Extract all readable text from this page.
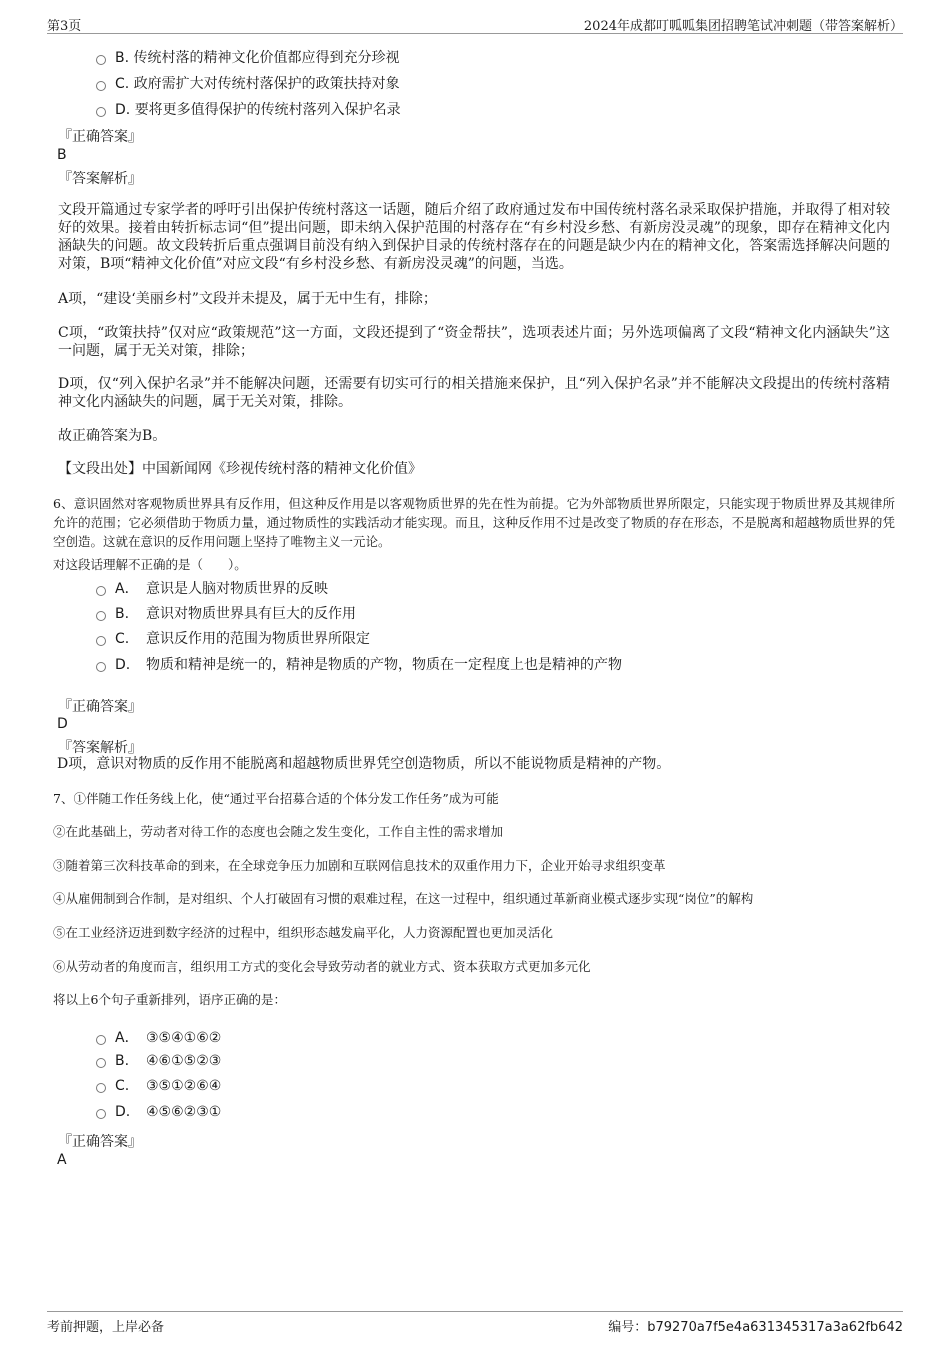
第3页	2024年成都叮呱呱集团招聘笔试冲刺题（带答案解析）
B. 传统村落的精神文化价值都应得到充分珍视
C. 政府需扩大对传统村落保护的政策扶持对象
D. 要将更多值得保护的传统村落列入保护名录
『正确答案』
B
『答案解析』
文段开篇通过专家学者的呼吁引出保护传统村落这一话题，随后介绍了政府通过发布中国传统村落名录采取保护措施，并取得了相对较好的效果。接着由转折标志词“但”提出问题，即未纳入保护范围的村落存在“有乡村没乡愁、有新房没灵魂”的现象，即存在精神文化内涵缺失的问题。故文段转折后重点强调目前没有纳入到保护目录的传统村落存在的问题是缺少内在的精神文化，答案需选择解决问题的对策，B项“精神文化价值”对应文段“有乡村没乡愁、有新房没灵魂”的问题，当选。
A项，“建设‘美丽乡村”文段并未提及，属于无中生有，排除；
C项，“政策扶持”仅对应“政策规范”这一方面，文段还提到了“资金帮扶”，选项表述片面；另外选项偏离了文段“精神文化内涵缺失”这一问题，属于无关对策，排除；
D项，仅“列入保护名录”并不能解决问题，还需要有切实可行的相关措施来保护，且“列入保护名录”并不能解决文段提出的传统村落精神文化内涵缺失的问题，属于无关对策，排除。
故正确答案为B。
【文段出处】中国新闻网《珍视传统村落的精神文化价值》
6、意识固然对客观物质世界具有反作用，但这种反作用是以客观物质世界的先在性为前提。它为外部物质世界所限定，只能实现于物质世界及其规律所允许的范围；它必须借助于物质力量，通过物质性的实践活动才能实现。而且，这种反作用不过是改变了物质的存在形态，不是脱离和超越物质世界的凭空创造。这就在意识的反作用问题上坚持了唯物主义一元论。
对这段话理解不正确的是（　　）。
A． 意识是人脑对物质世界的反映
B. 意识对物质世界具有巨大的反作用
C. 意识反作用的范围为物质世界所限定
D. 物质和精神是统一的，精神是物质的产物，物质在一定程度上也是精神的产物
『正确答案』
D
『答案解析』
D项，意识对物质的反作用不能脱离和超越物质世界凭空创造物质，所以不能说物质是精神的产物。
7、①伴随工作任务线上化，使“通过平台招募合适的个体分发工作任务”成为可能
②在此基础上，劳动者对待工作的态度也会随之发生变化，工作自主性的需求增加
③随着第三次科技革命的到来，在全球竞争压力加剧和互联网信息技术的双重作用力下，企业开始寻求组织变革
④从雇佣制到合作制，是对组织、个人打破固有习惯的艰难过程，在这一过程中，组织通过革新商业模式逐步实现“岗位”的解构
⑤在工业经济迈进到数字经济的过程中，组织形态越发扁平化，人力资源配置也更加灵活化
⑥从劳动者的角度而言，组织用工方式的变化会导致劳动者的就业方式、资本获取方式更加多元化
将以上6个句子重新排列，语序正确的是：
A． ③⑤④①⑥②
B. ④⑥①⑤②③
C. ③⑤①②⑥④
D. ④⑤⑥②③①
『正确答案』
A
考前押题，上岸必备	编号：b79270a7f5e4a631345317a3a62fb642
